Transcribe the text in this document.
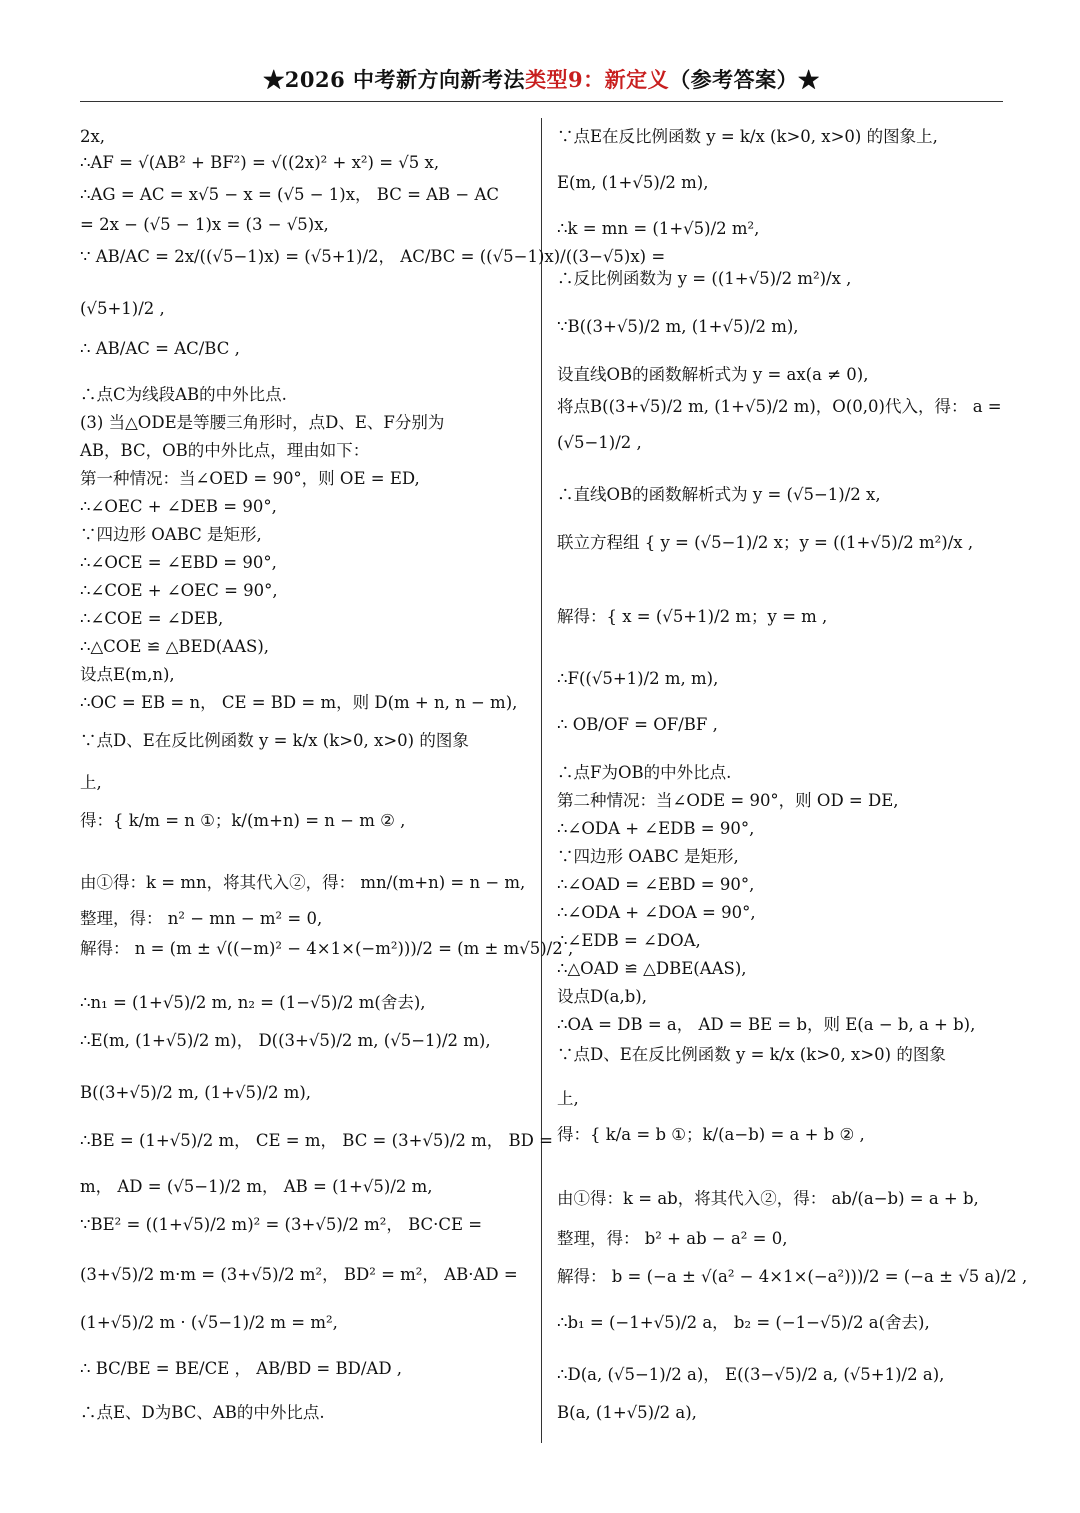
★2026 中考新方向新考法类型9：新定义（参考答案）★
2x,
∴AF = √(AB² + BF²) = √((2x)² + x²) = √5 x,
∴AG = AC = x√5 − x = (√5 − 1)x， BC = AB − AC
= 2x − (√5 − 1)x = (3 − √5)x,
∵ AB/AC = 2x/((√5−1)x) = (√5+1)/2， AC/BC = ((√5−1)x)/((3−√5)x) =
(√5+1)/2 ,
∴ AB/AC = AC/BC ,
∴点C为线段AB的中外比点.
(3) 当△ODE是等腰三角形时，点D、E、F分别为
AB，BC，OB的中外比点，理由如下：
第一种情况：当∠OED = 90°，则 OE = ED,
∴∠OEC + ∠DEB = 90°,
∵四边形 OABC 是矩形,
∴∠OCE = ∠EBD = 90°,
∴∠COE + ∠OEC = 90°,
∴∠COE = ∠DEB,
∴△COE ≌ △BED(AAS),
设点E(m,n),
∴OC = EB = n， CE = BD = m，则 D(m + n, n − m),
∵点D、E在反比例函数 y = k/x (k>0, x>0) 的图象
上,
得：{ k/m = n ①；k/(m+n) = n − m ② ,
由①得：k = mn，将其代入②，得： mn/(m+n) = n − m,
整理，得： n² − mn − m² = 0,
解得： n = (m ± √((−m)² − 4×1×(−m²)))/2 = (m ± m√5)/2 ,
∴n₁ = (1+√5)/2 m, n₂ = (1−√5)/2 m(舍去),
∴E(m, (1+√5)/2 m)， D((3+√5)/2 m, (√5−1)/2 m),
B((3+√5)/2 m, (1+√5)/2 m),
∴BE = (1+√5)/2 m， CE = m， BC = (3+√5)/2 m， BD =
m， AD = (√5−1)/2 m， AB = (1+√5)/2 m,
∵BE² = ((1+√5)/2 m)² = (3+√5)/2 m²， BC·CE =
(3+√5)/2 m·m = (3+√5)/2 m²， BD² = m²， AB·AD =
(1+√5)/2 m · (√5−1)/2 m = m²,
∴ BC/BE = BE/CE ， AB/BD = BD/AD ,
∴点E、D为BC、AB的中外比点.
∵点E在反比例函数 y = k/x (k>0, x>0) 的图象上,
E(m, (1+√5)/2 m),
∴k = mn = (1+√5)/2 m²,
∴反比例函数为 y = ((1+√5)/2 m²)/x ,
∵B((3+√5)/2 m, (1+√5)/2 m),
设直线OB的函数解析式为 y = ax(a ≠ 0),
将点B((3+√5)/2 m, (1+√5)/2 m)，O(0,0)代入，得： a =
(√5−1)/2 ,
∴直线OB的函数解析式为 y = (√5−1)/2 x,
联立方程组 { y = (√5−1)/2 x；y = ((1+√5)/2 m²)/x ,
解得：{ x = (√5+1)/2 m；y = m ,
∴F((√5+1)/2 m, m),
∴ OB/OF = OF/BF ,
∴点F为OB的中外比点.
第二种情况：当∠ODE = 90°，则 OD = DE,
∴∠ODA + ∠EDB = 90°,
∵四边形 OABC 是矩形,
∴∠OAD = ∠EBD = 90°,
∴∠ODA + ∠DOA = 90°,
∴∠EDB = ∠DOA,
∴△OAD ≌ △DBE(AAS),
设点D(a,b),
∴OA = DB = a， AD = BE = b，则 E(a − b, a + b),
∵点D、E在反比例函数 y = k/x (k>0, x>0) 的图象
上,
得：{ k/a = b ①；k/(a−b) = a + b ② ,
由①得：k = ab，将其代入②，得： ab/(a−b) = a + b,
整理，得： b² + ab − a² = 0,
解得： b = (−a ± √(a² − 4×1×(−a²)))/2 = (−a ± √5 a)/2 ,
∴b₁ = (−1+√5)/2 a， b₂ = (−1−√5)/2 a(舍去),
∴D(a, (√5−1)/2 a)， E((3−√5)/2 a, (√5+1)/2 a),
B(a, (1+√5)/2 a),
